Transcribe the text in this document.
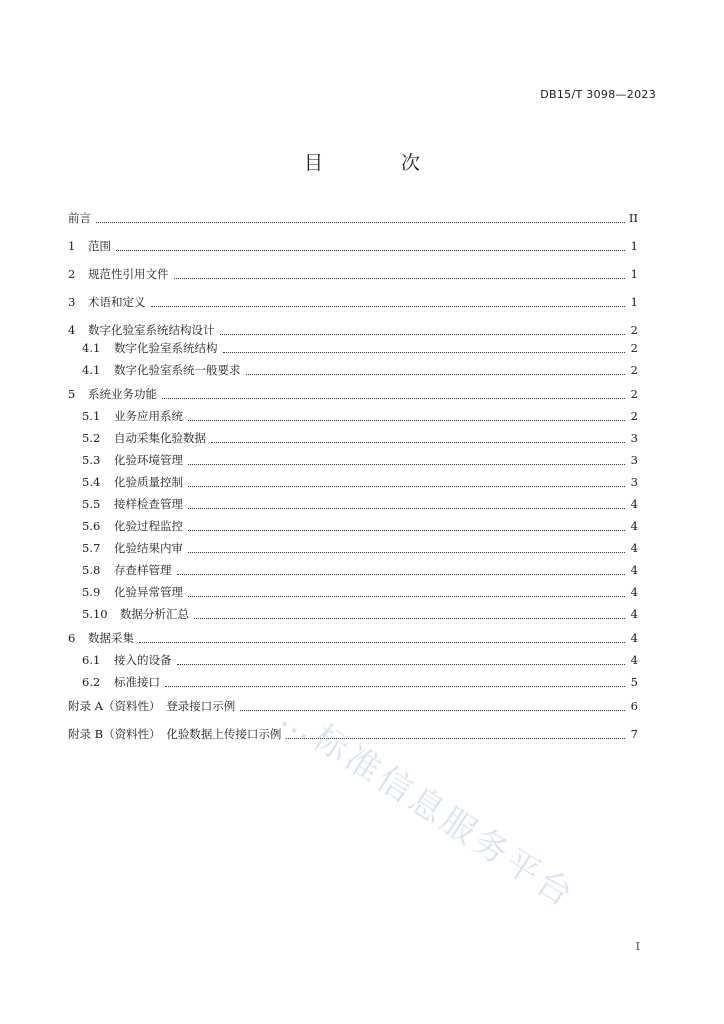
DB15/T 3098—2023
目 次
前言	II
1	范围	1
2	规范性引用文件	1
3	术语和定义	1
4	数字化验室系统结构设计	2
4.1	数字化验室系统结构	2
4.1	数字化验室系统一般要求	2
5	系统业务功能	2
5.1	业务应用系统	2
5.2	自动采集化验数据	3
5.3	化验环境管理	3
5.4	化验质量控制	3
5.5	接样检查管理	4
5.6	化验过程监控	4
5.7	化验结果内审	4
5.8	存查样管理	4
5.9	化验异常管理	4
5.10	数据分析汇总	4
6	数据采集	4
6.1	接入的设备	4
6.2	标准接口	5
附录 A（资料性）　登录接口示例	6
附录 B（资料性）　化验数据上传接口示例	7
…标准信息服务平台
I
